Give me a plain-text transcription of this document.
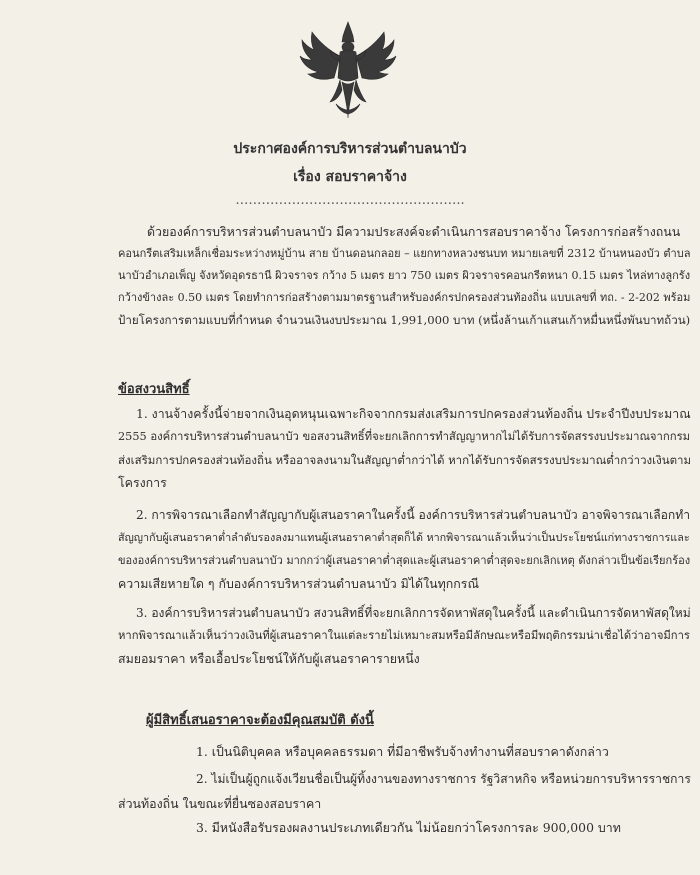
ประกาศองค์การบริหารส่วนตำบลนาบัว
เรื่อง สอบราคาจ้าง
……………………………………………..
ด้วยองค์การบริหารส่วนตำบลนาบัว มีความประสงค์จะดำเนินการสอบราคาจ้าง โครงการก่อสร้างถนน
คอนกรีตเสริมเหล็กเชื่อมระหว่างหมู่บ้าน สาย บ้านดอนกลอย – แยกทางหลวงชนบท หมายเลขที่ 2312 บ้านหนองบัว ตำบล
นาบัวอำเภอเพ็ญ จังหวัดอุดรธานี ผิวจราจร กว้าง 5 เมตร ยาว 750 เมตร ผิวจราจรคอนกรีตหนา 0.15 เมตร ไหล่ทางลูกรัง
กว้างข้างละ 0.50 เมตร โดยทำการก่อสร้างตามมาตรฐานสำหรับองค์กรปกครองส่วนท้องถิ่น แบบเลขที่ ทถ. - 2-202 พร้อม
ป้ายโครงการตามแบบที่กำหนด จำนวนเงินงบประมาณ 1,991,000 บาท (หนึ่งล้านเก้าแสนเก้าหมื่นหนึ่งพันบาทถ้วน)
ข้อสงวนสิทธิ์
1. งานจ้างครั้งนี้จ่ายจากเงินอุดหนุนเฉพาะกิจจากกรมส่งเสริมการปกครองส่วนท้องถิ่น ประจำปีงบประมาณ
2555 องค์การบริหารส่วนตำบลนาบัว ขอสงวนสิทธิ์ที่จะยกเลิกการทำสัญญาหากไม่ได้รับการจัดสรรงบประมาณจากกรม
ส่งเสริมการปกครองส่วนท้องถิ่น หรืออาจลงนามในสัญญาต่ำกว่าได้ หากได้รับการจัดสรรงบประมาณต่ำกว่าวงเงินตาม
โครงการ
2. การพิจารณาเลือกทำสัญญากับผู้เสนอราคาในครั้งนี้ องค์การบริหารส่วนตำบลนาบัว อาจพิจารณาเลือกทำ
สัญญากับผู้เสนอราคาต่ำลำดับรองลงมาแทนผู้เสนอราคาต่ำสุดก็ได้ หากพิจารณาแล้วเห็นว่าเป็นประโยชน์แก่ทางราชการและ
ขององค์การบริหารส่วนตำบลนาบัว มากกว่าผู้เสนอราคาต่ำสุดและผู้เสนอราคาต่ำสุดจะยกเลิกเหตุ ดังกล่าวเป็นข้อเรียกร้อง
ความเสียหายใด ๆ กับองค์การบริหารส่วนตำบลนาบัว มิได้ในทุกกรณี
3. องค์การบริหารส่วนตำบลนาบัว สงวนสิทธิ์ที่จะยกเลิกการจัดหาพัสดุในครั้งนี้ และดำเนินการจัดหาพัสดุใหม่
หากพิจารณาแล้วเห็นว่าวงเงินที่ผู้เสนอราคาในแต่ละรายไม่เหมาะสมหรือมีลักษณะหรือมีพฤติกรรมน่าเชื่อได้ว่าอาจมีการ
สมยอมราคา หรือเอื้อประโยชน์ให้กับผู้เสนอราคารายหนึ่ง
ผู้มีสิทธิ์เสนอราคาจะต้องมีคุณสมบัติ ดังนี้
1. เป็นนิติบุคคล หรือบุคคลธรรมดา ที่มีอาชีพรับจ้างทำงานที่สอบราคาดังกล่าว
2. ไม่เป็นผู้ถูกแจ้งเวียนชื่อเป็นผู้ทิ้งงานของทางราชการ รัฐวิสาหกิจ หรือหน่วยการบริหารราชการ
ส่วนท้องถิ่น ในขณะที่ยื่นซองสอบราคา
3. มีหนังสือรับรองผลงานประเภทเดียวกัน ไม่น้อยกว่าโครงการละ 900,000 บาท
